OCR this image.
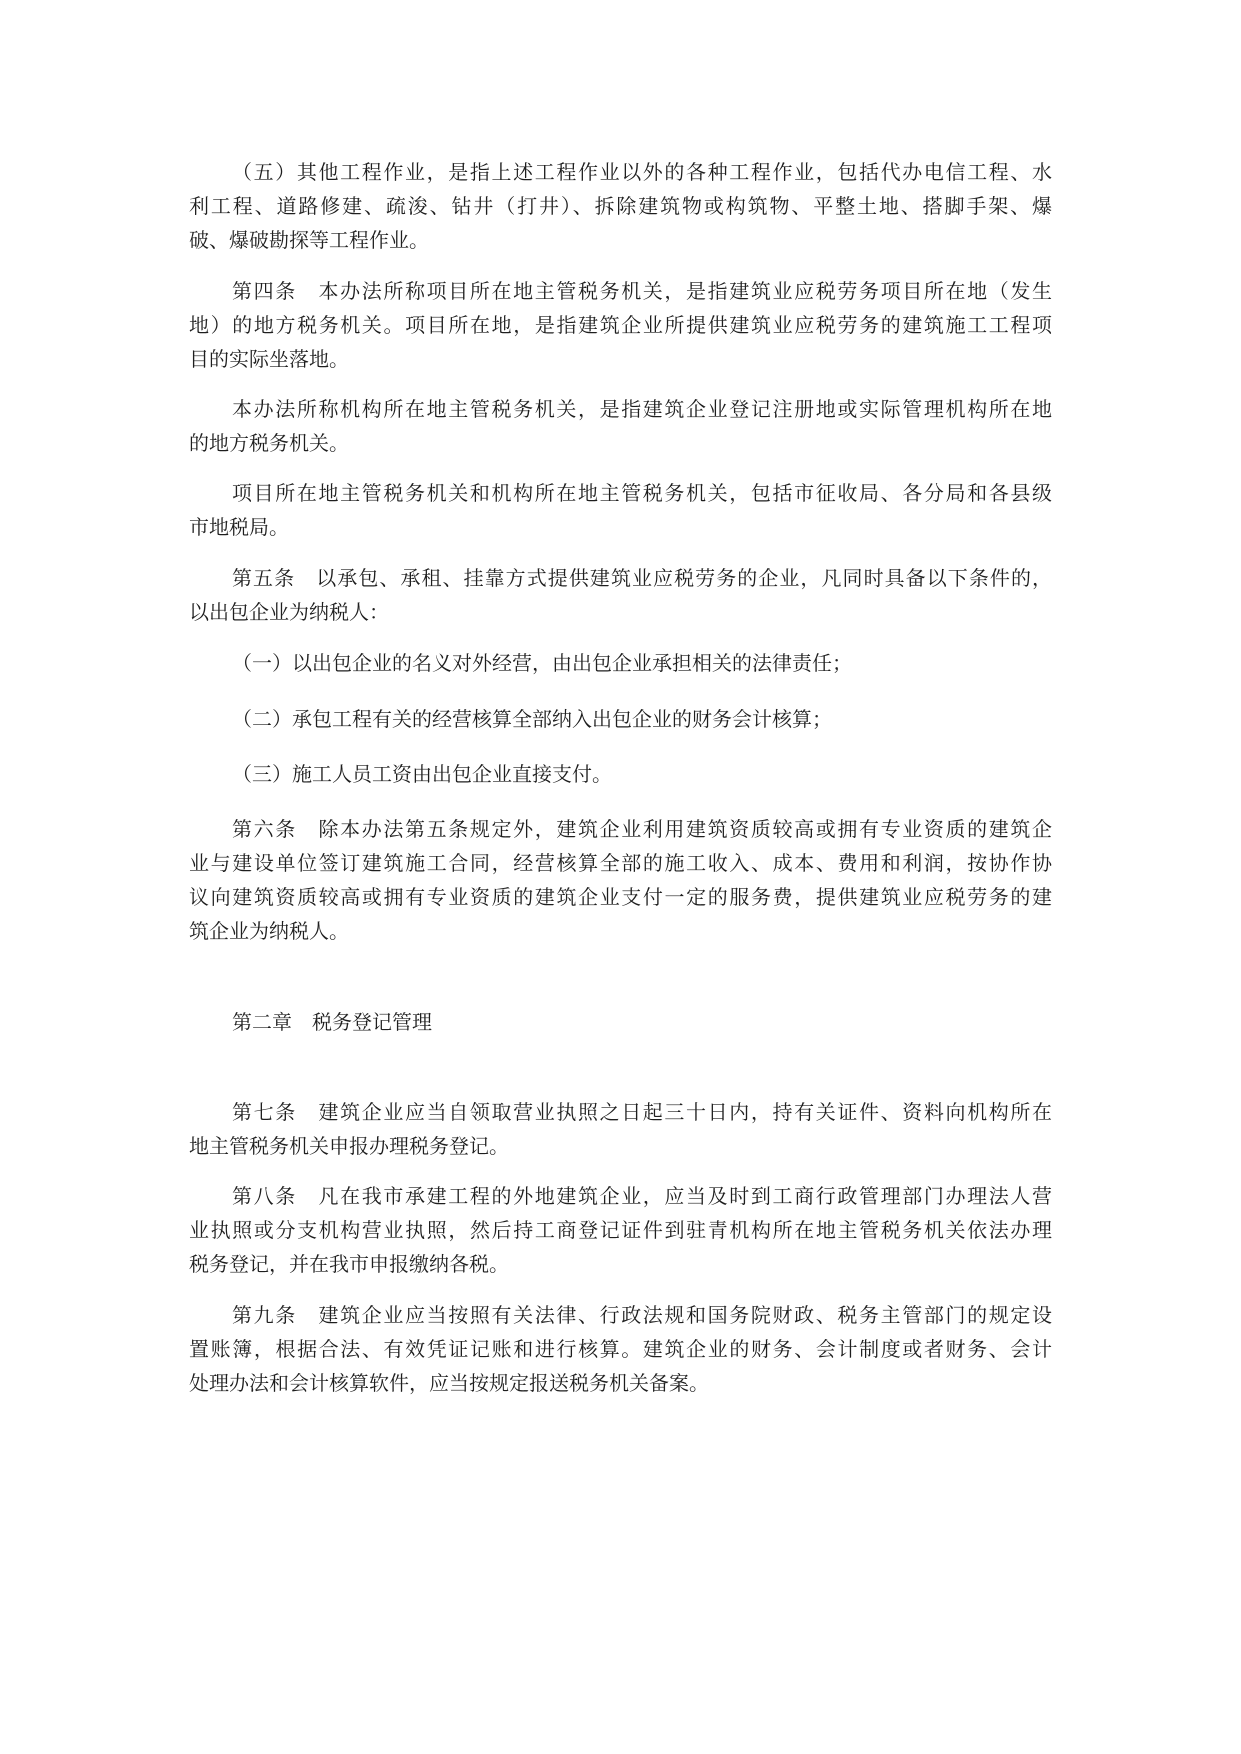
（五）其他工程作业，是指上述工程作业以外的各种工程作业，包括代办电信工程、水
利工程、道路修建、疏浚、钻井（打井）、拆除建筑物或构筑物、平整土地、搭脚手架、爆
破、爆破勘探等工程作业。
第四条　本办法所称项目所在地主管税务机关，是指建筑业应税劳务项目所在地（发生
地）的地方税务机关。项目所在地，是指建筑企业所提供建筑业应税劳务的建筑施工工程项
目的实际坐落地。
本办法所称机构所在地主管税务机关，是指建筑企业登记注册地或实际管理机构所在地
的地方税务机关。
项目所在地主管税务机关和机构所在地主管税务机关，包括市征收局、各分局和各县级
市地税局。
第五条　以承包、承租、挂靠方式提供建筑业应税劳务的企业，凡同时具备以下条件的，
以出包企业为纳税人：
（一）以出包企业的名义对外经营，由出包企业承担相关的法律责任；
（二）承包工程有关的经营核算全部纳入出包企业的财务会计核算；
（三）施工人员工资由出包企业直接支付。
第六条　除本办法第五条规定外，建筑企业利用建筑资质较高或拥有专业资质的建筑企
业与建设单位签订建筑施工合同，经营核算全部的施工收入、成本、费用和利润，按协作协
议向建筑资质较高或拥有专业资质的建筑企业支付一定的服务费，提供建筑业应税劳务的建
筑企业为纳税人。
第二章　税务登记管理
第七条　建筑企业应当自领取营业执照之日起三十日内，持有关证件、资料向机构所在
地主管税务机关申报办理税务登记。
第八条　凡在我市承建工程的外地建筑企业，应当及时到工商行政管理部门办理法人营
业执照或分支机构营业执照，然后持工商登记证件到驻青机构所在地主管税务机关依法办理
税务登记，并在我市申报缴纳各税。
第九条　建筑企业应当按照有关法律、行政法规和国务院财政、税务主管部门的规定设
置账簿，根据合法、有效凭证记账和进行核算。建筑企业的财务、会计制度或者财务、会计
处理办法和会计核算软件，应当按规定报送税务机关备案。
